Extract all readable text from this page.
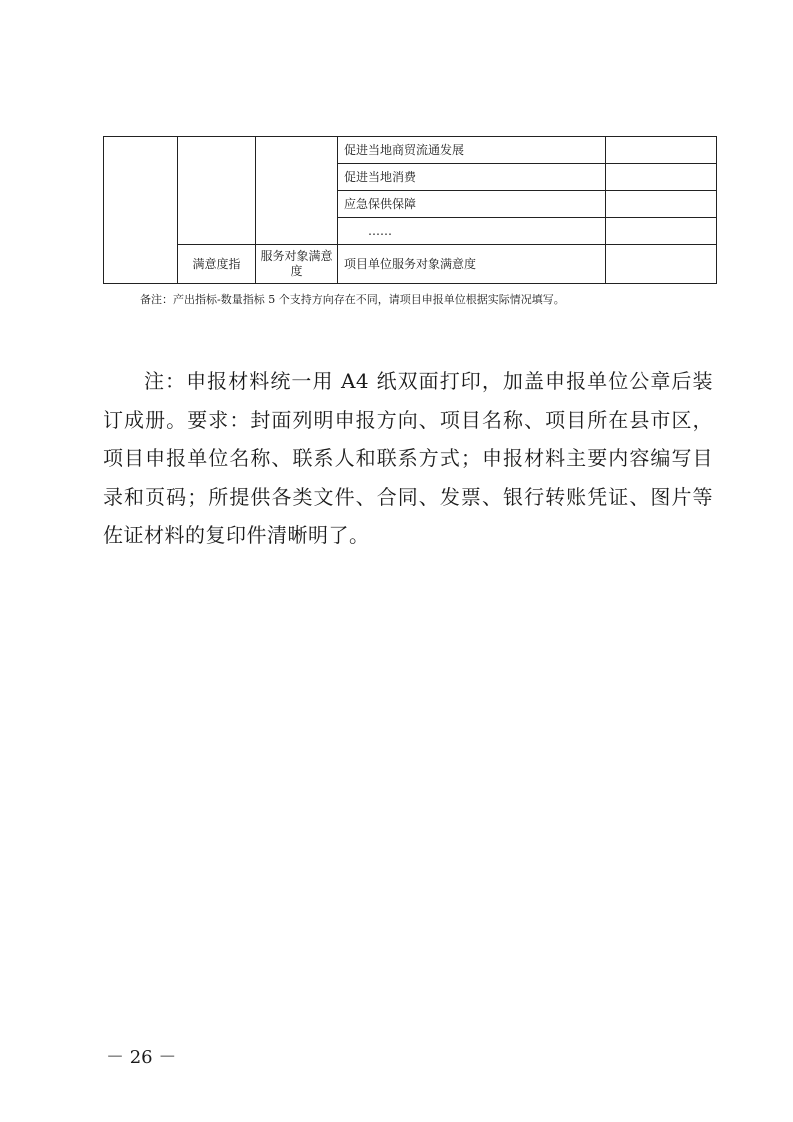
			促进当地商贸流通发展	
			促进当地消费	
			应急保供保障	
			……	
	满意度指	服务对象满意度	项目单位服务对象满意度	
备注：产出指标-数量指标 5 个支持方向存在不同，请项目申报单位根据实际情况填写。
注：申报材料统一用 A4 纸双面打印，加盖申报单位公章后装订成册。要求：封面列明申报方向、项目名称、项目所在县市区，项目申报单位名称、联系人和联系方式；申报材料主要内容编写目录和页码；所提供各类文件、合同、发票、银行转账凭证、图片等佐证材料的复印件清晰明了。
－ 26 －
